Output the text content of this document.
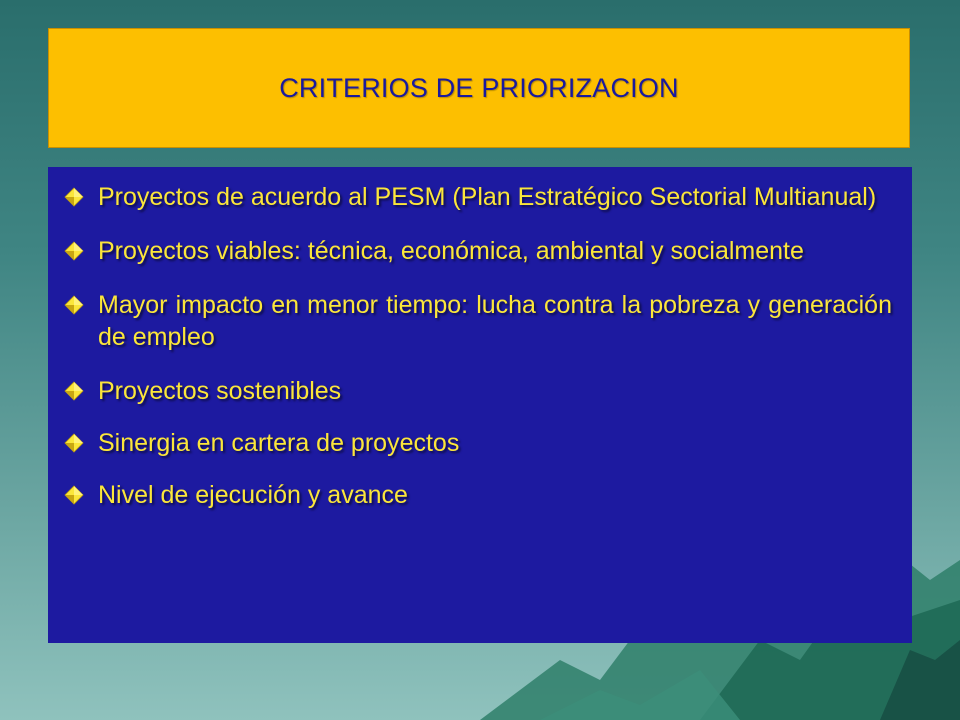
CRITERIOS DE PRIORIZACION
Proyectos de acuerdo al PESM (Plan Estratégico Sectorial Multianual)
Proyectos viables: técnica, económica, ambiental y socialmente
Mayor impacto en menor tiempo: lucha contra la pobreza y generación de empleo
Proyectos sostenibles
Sinergia en cartera de proyectos
Nivel de ejecución y avance
